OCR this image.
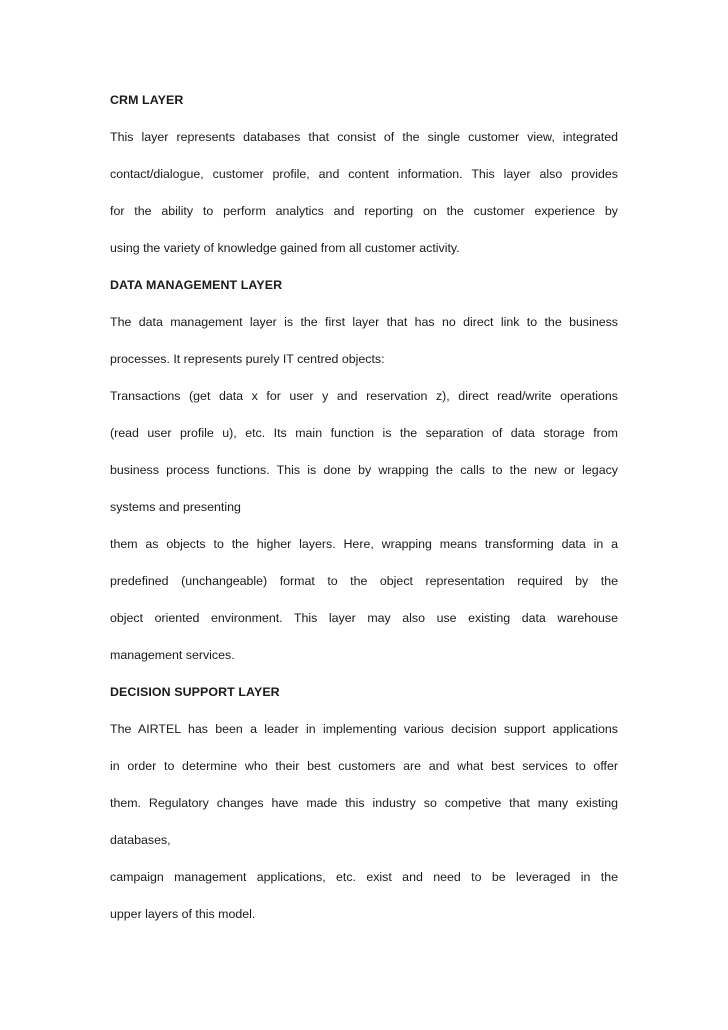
CRM LAYER
This layer represents databases that consist of the single customer view, integrated
contact/dialogue, customer profile, and content information. This layer also provides
for the ability to perform analytics and reporting on the customer experience by
using the variety of knowledge gained from all customer activity.
DATA MANAGEMENT LAYER
The data management layer is the first layer that has no direct link to the business
processes. It represents purely IT centred objects:
Transactions (get data x for user y and reservation z), direct read/write operations
(read user profile u), etc. Its main function is the separation of data storage from
business process functions. This is done by wrapping the calls to the new or legacy
systems and presenting
them as objects to the higher layers. Here, wrapping means transforming data in a
predefined (unchangeable) format to the object representation required by the
object oriented environment. This layer may also use existing data warehouse
management services.
DECISION SUPPORT LAYER
The AIRTEL has been a leader in implementing various decision support applications
in order to determine who their best customers are and what best services to offer
them. Regulatory changes have made this industry so competive that many existing
databases,
campaign management applications, etc. exist and need to be leveraged in the
upper layers of this model.
